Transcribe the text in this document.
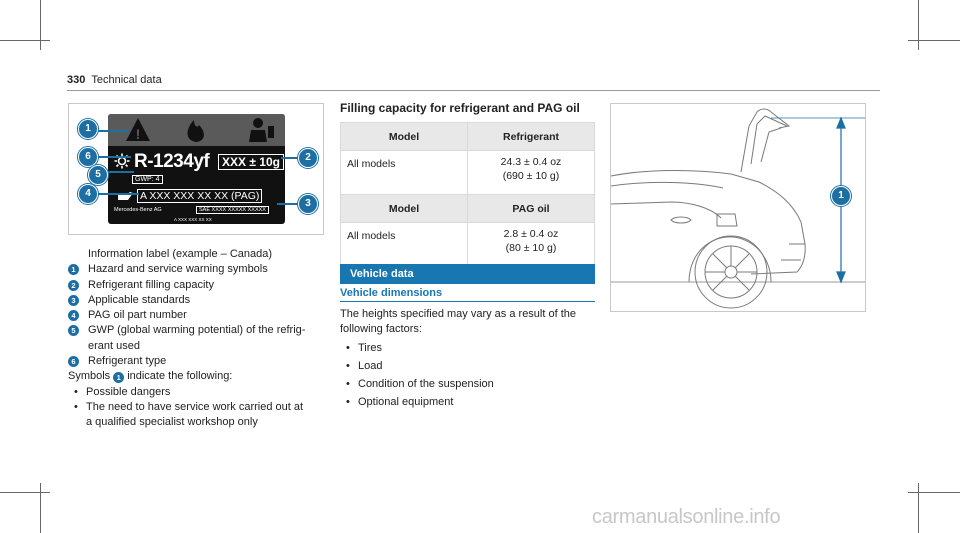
330 Technical data
!
R-1234yf	XXX ± 10g
GWP: 4
A XXX XXX XX XX (PAG)
Mercedes-Benz AG	SAE XXXX XXXXX XXXXX
A XXX XXX XX XX
1
6
5
4
2
3
Information label (example – Canada)
1	Hazard and service warning symbols
2	Refrigerant filling capacity
3	Applicable standards
4	PAG oil part number
5	GWP (global warming potential) of the refrig-
erant used
6	Refrigerant type
Symbols 1 indicate the following:
• Possible dangers
• The need to have service work carried out at
a qualified specialist workshop only
Filling capacity for refrigerant and PAG oil
Model	Refrigerant
All models	24.3 ± 0.4 oz
(690 ± 10 g)

Model	PAG oil
All models	2.8 ± 0.4 oz
(80 ± 10 g)
Vehicle data
Vehicle dimensions
The heights specified may vary as a result of the
following factors:
• Tires
• Load
• Condition of the suspension
• Optional equipment
1
carmanualsonline.info
